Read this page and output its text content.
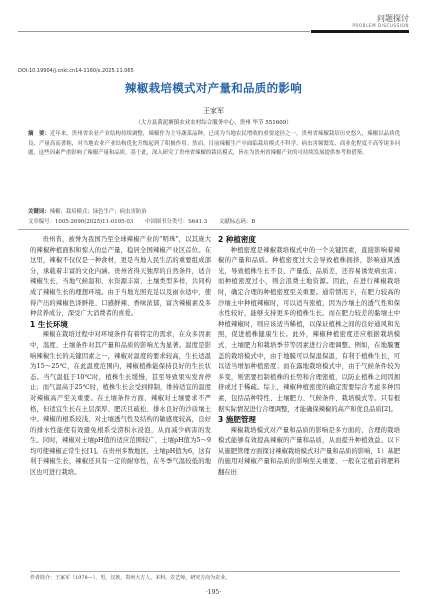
问题探讨
PROBLEM DISCUSSION
DOI:10.19904/j.cnki.cn14-1160/s.2025.11.065
辣椒栽培模式对产量和品质的影响
王家军
（大方县黄泥塘镇农业农村综合服务中心，贵州 毕节 551609）
摘　要：近年来，贵州省农业产业结构持续调整，辣椒作为主导蔬菜品种，已成为当地农民增收的重要途径之一。贵州省辣椒栽培历史悠久，辣椒以品质优良、产量高而著称，对当地农业产业结构优化升级起到了积极作用。然而，目前辣椒生产中面临栽培模式不科学、病虫害频繁发、商业化程度不高等诸多问题，这些因素严重影响了辣椒产量和品质。基于此，深入研究了贵州省辣椒的栽培模式，旨在为贵州省辣椒产业的可持续发展提供参考和借鉴。
关键词：辣椒；栽培模式；绿色生产；病虫害防治
文章编号：1005-2690(2025)11-0195-03 中国图书分类号：S641.3 文献标志码：B

贵州省，被誉为我国乃至全球辣椒产业的“明珠”，以其庞大的辣椒种植面积和惊人的总产量，稳居全国辣椒产业区首位。在这里，辣椒不仅仅是一种食材，更是当地人民生活的重要组成部分，承载着丰富的文化内涵。贵州省得天独厚的自然条件，适合辣椒生长，当地气候温和、水资源丰富、土壤类型多样，共同构成了辣椒生长的理想环境。由于当地光照充足以及雨水适中，使得产出的辣椒色泽鲜艳、口感鲜辣、香味浓郁，富含辣椒素及多种营养成分，深受广大消费者的喜爱。

1 生长环境

辣椒在栽培过程中对环境条件有着特定的需求，在众多因素中，温度、土壤条件对其产量和品质的影响尤为显著。温度是影响辣椒生长的关键因素之一，辣椒对温度的要求较高，生长适温为15～25℃，在此温度范围内，辣椒植株能保持良好的生长状态。当气温低于10℃时，植株生长缓慢，甚至导致果实发育停止；而气温高于25℃时，植株生长会受到抑制，维持适宜的温度对辣椒高产至关重要。在土壤条件方面，辣椒对土壤要求不严格，但适宜生长在土层深厚、肥沃且疏松、排水良好的沙质壤土中。辣椒的根系较浅，对土壤透气性及结构的敏感度较高，良好的排水性能使有效避免根系受涝积水浸泡，从而减少病害的发生。同时，辣椒对土壤pH值的适应范围较广，土壤pH值为5～9均可使辣椒正常生长[1]。在贵州多数地区，土壤pH值为6，这有利于辣椒生长，辣椒还具有一定的耐寒性，在冬季气温较低的地区也可进行栽培。

2 种植密度

种植密度是辣椒栽培模式中的一个关键因素，直接影响着辣椒的产量和品质。种植密度过大会导致植株拥挤，影响通风透光，导致植株生长不良，产量低、品质差，还容易诱发病虫害；而种植密度过小，则会浪费土地资源。因此，在进行辣椒栽培时，确定合理的种植密度至关重要。通常情况下，在肥力较高的沙壤土中种植辣椒时，可以适当密植，因为沙壤土的透气性和保水性较好，能够支持更多的植株生长。而在肥力较差的黏壤土中种植辣椒时，则应该适当稀植，以保证植株之间的良好通风和光照，促进植株健康生长。此外，辣椒种植密度还应根据栽培模式、土壤肥力和栽培季节等因素进行合理调整。例如，在地膜覆盖的栽培模式中，由于地膜可以保湿保温，有利于植株生长，可以适当增加种植密度；而在露地栽培模式中，由于气候条件较为多变，则需要控制植株的长势和合理密植，以防止植株之间因拥挤或过于稀疏。综上，辣椒种植密度的确定需要综合考虑多种因素，包括品种特性、土壤肥力、气候条件、栽培模式等。只有根据实际情况进行合理调整，才能确保辣椒的高产和优良品质[2]。

3 施肥管理

辣椒栽培模式对产量和品质的影响是多方面的，合理的栽培模式能够有效提高辣椒的产量和品质，从而提升种植效益。以下从施肥管理方面探讨辣椒栽培模式对产量和品质的影响，1）基肥的施用对辣椒产量和品质的影响至关重要，一般在定植前将肥料翻在田

作者简介：王家军（1978—），男，汉族，贵州大方人，本科，农艺师，研究方向为农业。
·195·
